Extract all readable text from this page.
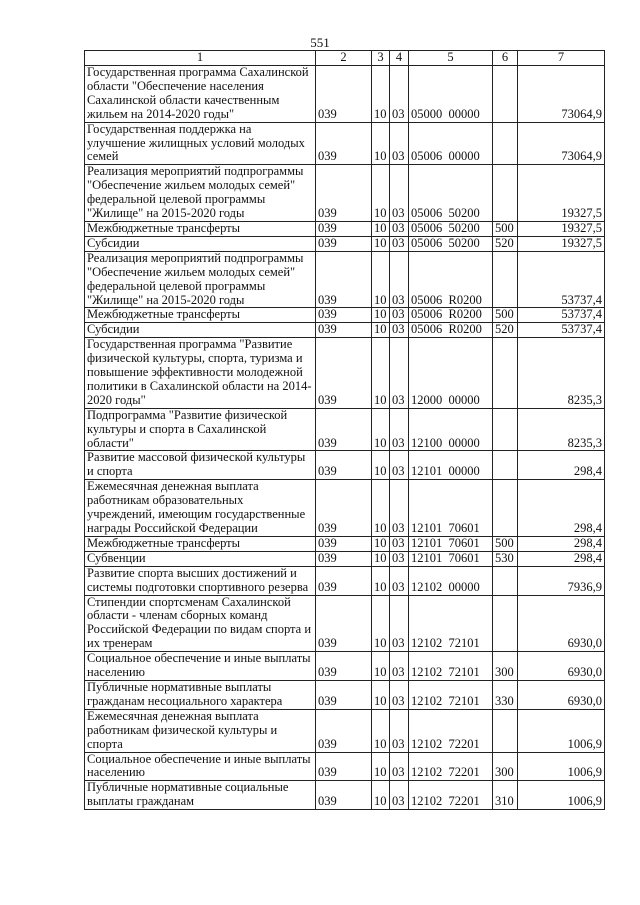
551
1	2	3	4	5	6	7
Государственная программа Сахалинской области "Обеспечение населения Сахалинской области качественным жильем на 2014-2020 годы"	039	10	03	05000  00000		73064,9
Государственная поддержка на улучшение жилищных условий молодых семей	039	10	03	05006  00000		73064,9
Реализация мероприятий подпрограммы "Обеспечение жильем молодых семей" федеральной целевой программы "Жилище" на 2015-2020 годы	039	10	03	05006  50200		19327,5
Межбюджетные трансферты	039	10	03	05006  50200	500	19327,5
Субсидии	039	10	03	05006  50200	520	19327,5
Реализация мероприятий подпрограммы "Обеспечение жильем молодых семей" федеральной целевой программы "Жилище" на 2015-2020 годы	039	10	03	05006  R0200		53737,4
Межбюджетные трансферты	039	10	03	05006  R0200	500	53737,4
Субсидии	039	10	03	05006  R0200	520	53737,4
Государственная программа "Развитие физической культуры, спорта, туризма и повышение эффективности молодежной политики в Сахалинской области на 2014-2020 годы"	039	10	03	12000  00000		8235,3
Подпрограмма "Развитие физической культуры и спорта в Сахалинской области"	039	10	03	12100  00000		8235,3
Развитие массовой физической культуры и спорта	039	10	03	12101  00000		298,4
Ежемесячная денежная выплата работникам образовательных учреждений, имеющим государственные награды Российской Федерации	039	10	03	12101  70601		298,4
Межбюджетные трансферты	039	10	03	12101  70601	500	298,4
Субвенции	039	10	03	12101  70601	530	298,4
Развитие спорта высших достижений и системы подготовки спортивного резерва	039	10	03	12102  00000		7936,9
Стипендии спортсменам Сахалинской области - членам сборных команд Российской Федерации по видам спорта и их тренерам	039	10	03	12102  72101		6930,0
Социальное обеспечение и иные выплаты населению	039	10	03	12102  72101	300	6930,0
Публичные нормативные выплаты гражданам несоциального характера	039	10	03	12102  72101	330	6930,0
Ежемесячная денежная выплата работникам физической культуры и спорта	039	10	03	12102  72201		1006,9
Социальное обеспечение и иные выплаты населению	039	10	03	12102  72201	300	1006,9
Публичные нормативные социальные выплаты гражданам	039	10	03	12102  72201	310	1006,9
